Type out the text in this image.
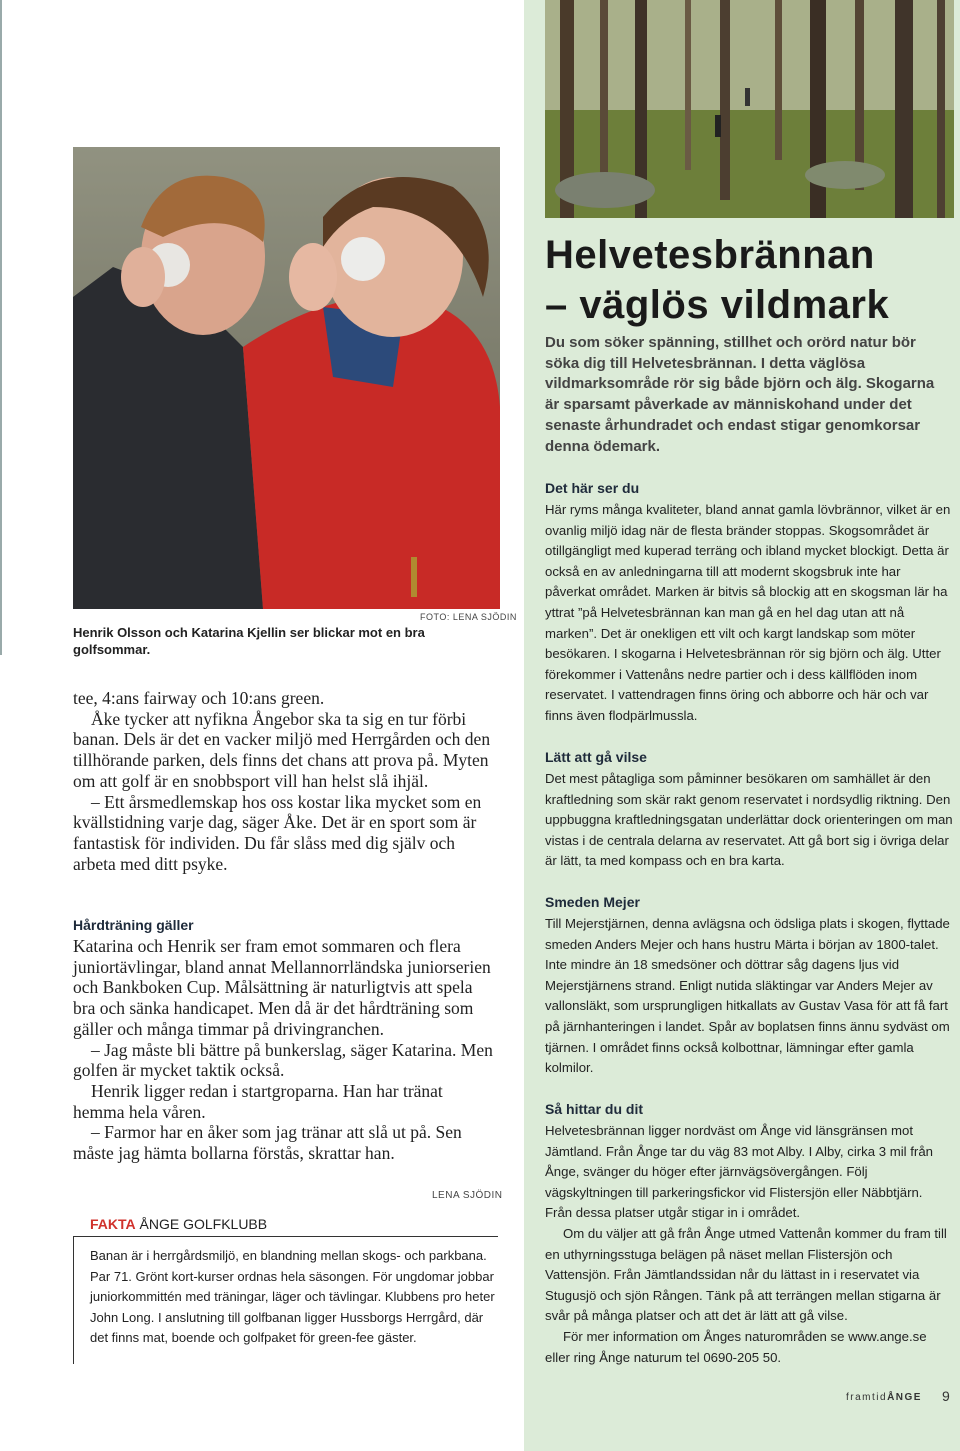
FOTO: LENA SJÖDIN
Henrik Olsson och Katarina Kjellin ser blickar mot en bra golfsommar.

tee, 4:ans fairway och 10:ans green.

Åke tycker att nyfikna Ångebor ska ta sig en tur förbi banan. Dels är det en vacker miljö med Herrgården och den tillhörande parken, dels finns det chans att prova på. Myten om att golf är en snobbsport vill han helst slå ihjäl.

– Ett årsmedlemskap hos oss kostar lika mycket som en kvällstidning varje dag, säger Åke. Det är en sport som är fantastisk för individen. Du får slåss med dig själv och arbeta med ditt psyke.

Hårdträning gäller

Katarina och Henrik ser fram emot sommaren och flera juniortävlingar, bland annat Mellannorrländska juniorserien och Bankboken Cup. Målsättning är naturligtvis att spela bra och sänka handicapet. Men då är det hårdträning som gäller och många timmar på drivingranchen.

– Jag måste bli bättre på bunkerslag, säger Katarina. Men golfen är mycket taktik också.

Henrik ligger redan i startgroparna. Han har tränat hemma hela våren.

– Farmor har en åker som jag tränar att slå ut på. Sen måste jag hämta bollarna förstås, skrattar han.

LENA SJÖDIN
FAKTA ÅNGE GOLFKLUBB
Banan är i herrgårdsmiljö, en blandning mellan skogs- och parkbana. Par 71. Grönt kort-kurser ordnas hela säsongen. För ungdomar jobbar juniorkommittén med träningar, läger och tävlingar. Klubbens pro heter John Long. I anslutning till golfbanan ligger Hussborgs Herrgård, där det finns mat, boende och golfpaket för green-fee gäster.
Helvetesbrännan
– väglös vildmark
Du som söker spänning, stillhet och orörd natur bör söka dig till Helvetesbrännan. I detta väglösa vildmarksområde rör sig både björn och älg. Skogarna är sparsamt påverkade av människohand under det senaste århundradet och endast stigar genomkorsar denna ödemark.
Det här ser du

Här ryms många kvaliteter, bland annat gamla lövbrännor, vilket är en ovanlig miljö idag när de flesta bränder stoppas. Skogsområdet är otillgängligt med kuperad terräng och ibland mycket blockigt. Detta är också en av anledningarna till att modernt skogsbruk inte har påverkat området. Marken är bitvis så blockig att en skogsman lär ha yttrat ”på Helvetesbrännan kan man gå en hel dag utan att nå marken”. Det är onekligen ett vilt och kargt landskap som möter besökaren. I skogarna i Helvetesbrännan rör sig björn och älg. Utter förekommer i Vattenåns nedre partier och i dess källflöden inom reservatet. I vattendragen finns öring och abborre och här och var finns även flodpärlmussla.

Lätt att gå vilse

Det mest påtagliga som påminner besökaren om samhället är den kraftledning som skär rakt genom reservatet i nordsydlig riktning. Den uppbuggna kraftledningsgatan underlättar dock orienteringen om man vistas i de centrala delarna av reservatet. Att gå bort sig i övriga delar är lätt, ta med kompass och en bra karta.

Smeden Mejer

Till Mejerstjärnen, denna avlägsna och ödsliga plats i skogen, flyttade smeden Anders Mejer och hans hustru Märta i början av 1800-talet. Inte mindre än 18 smedsöner och döttrar såg dagens ljus vid Mejerstjärnens strand. Enligt nutida släktingar var Anders Mejer av vallonsläkt, som ursprungligen hitkallats av Gustav Vasa för att få fart på järnhanteringen i landet. Spår av boplatsen finns ännu sydväst om tjärnen. I området finns också kolbottnar, lämningar efter gamla kolmilor.

Så hittar du dit

Helvetesbrännan ligger nordväst om Ånge vid länsgränsen mot Jämtland. Från Ånge tar du väg 83 mot Alby. I Alby, cirka 3 mil från Ånge, svänger du höger efter järnvägsövergången. Följ vägskyltningen till parkeringsfickor vid Flistersjön eller Näbbtjärn. Från dessa platser utgår stigar in i området.

Om du väljer att gå från Ånge utmed Vattenån kommer du fram till en uthyrningsstuga belägen på näset mellan Flistersjön och Vattensjön. Från Jämtlandssidan når du lättast in i reservatet via Stugusjö och sjön Rången. Tänk på att terrängen mellan stigarna är svår på många platser och att det är lätt att gå vilse.

För mer information om Ånges naturområden se www.ange.se eller ring Ånge naturum tel 0690-205 50.

framtidÅNGE 9
